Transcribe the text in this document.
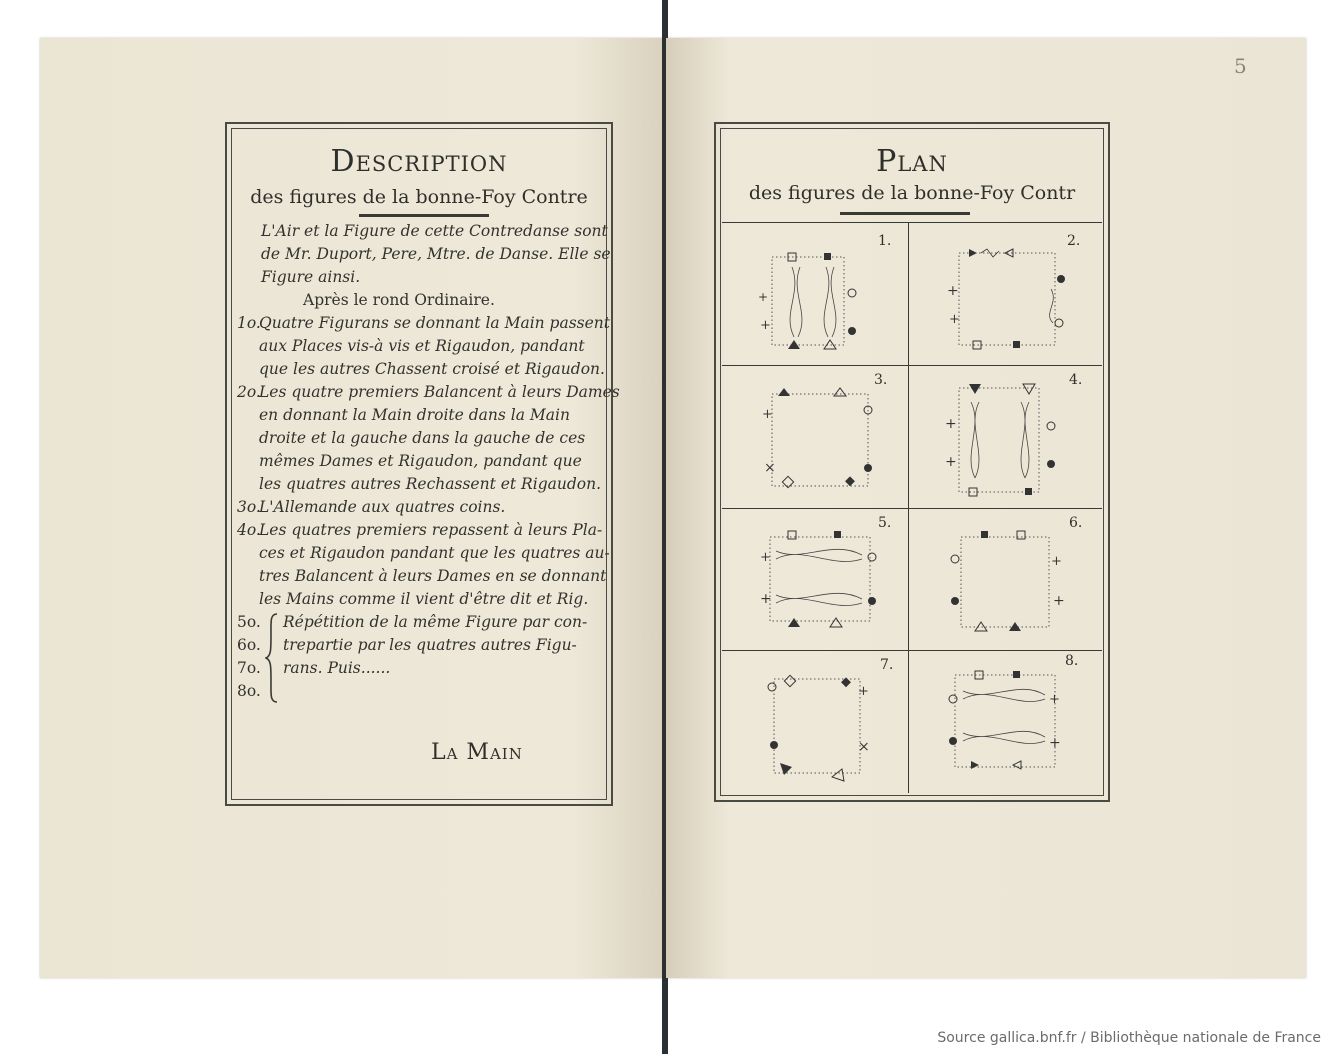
Description
des figures de la bonne-Foy Contre
L'Air et la Figure de cette Contredanse sont
de Mr. Duport, Pere, Mtre. de Danse. Elle se
Figure ainsi.
Après le rond Ordinaire.
1o.
Quatre Figurans se donnant la Main passent
aux Places vis-à vis et Rigaudon, pandant
que les autres Chassent croisé et Rigaudon.
2o.
Les quatre premiers Balancent à leurs Dames
en donnant la Main droite dans la Main
droite et la gauche dans la gauche de ces
mêmes Dames et Rigaudon, pandant que
les quatres autres Rechassent et Rigaudon.
3o.
L'Allemande aux quatres coins.
4o.
Les quatres premiers repassent à leurs Pla-
ces et Rigaudon pandant que les quatres au-
tres Balancent à leurs Dames en se donnant
les Mains comme il vient d'être dit et Rig.
5o.
6o.
7o.
8o.
Répétition de la même Figure par con-
trepartie par les quatres autres Figu-
rans. Puis......
La Main
5
Plan
des figures de la bonne-Foy Contr
1.
+
+
2.
+
+
3.
+
×
4.
+
+
5.
+
+
6.
+
+
7.
+
×
8.
+
+
Source gallica.bnf.fr / Bibliothèque nationale de France
